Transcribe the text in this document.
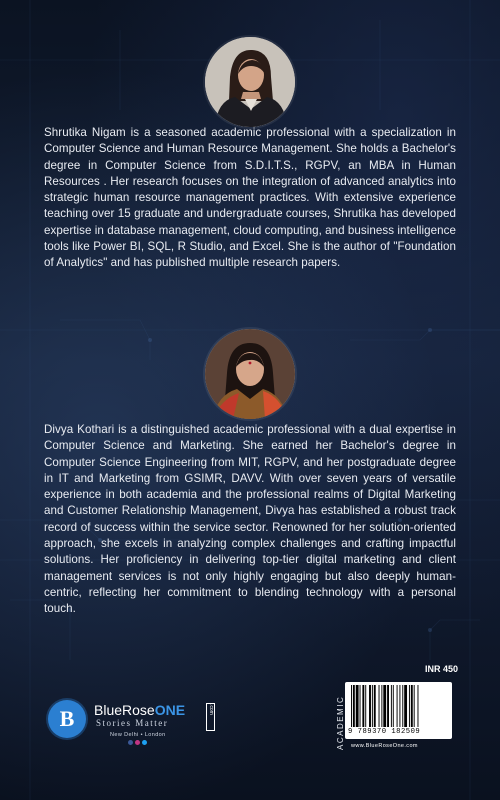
Shrutika Nigam is a seasoned academic professional with a specialization in Computer Science and Human Resource Management. She holds a Bachelor's degree in Computer Science from S.D.I.T.S., RGPV, an MBA in Human Resources . Her research focuses on the integration of advanced analytics into strategic human resource management practices. With extensive experience teaching over 15 graduate and undergraduate courses, Shrutika has developed expertise in database management, cloud computing, and business intelligence tools like Power BI, SQL, R Studio, and Excel. She is the author of "Foundation of Analytics" and has published multiple research papers.

Divya Kothari is a distinguished academic professional with a dual expertise in Computer Science and Marketing. She earned her Bachelor's degree in Computer Science Engineering from MIT, RGPV, and her postgraduate degree in IT and Marketing from GSIMR, DAVV. With over seven years of versatile experience in both academia and the professional realms of Digital Marketing and Customer Relationship Management, Divya has established a robust track record of success within the service sector. Renowned for her solution-oriented approach, she excels in analyzing complex challenges and crafting impactful solutions. Her proficiency in delivering top-tier digital marketing and client management services is not only highly engaging but also deeply human-centric, reflecting her commitment to blending technology with a personal touch.

B	BlueRoseONE	.com
Stories Matter
New Delhi • London
INR 450
ACADEMIC 9 789370 182509
www.BlueRoseOne.com
